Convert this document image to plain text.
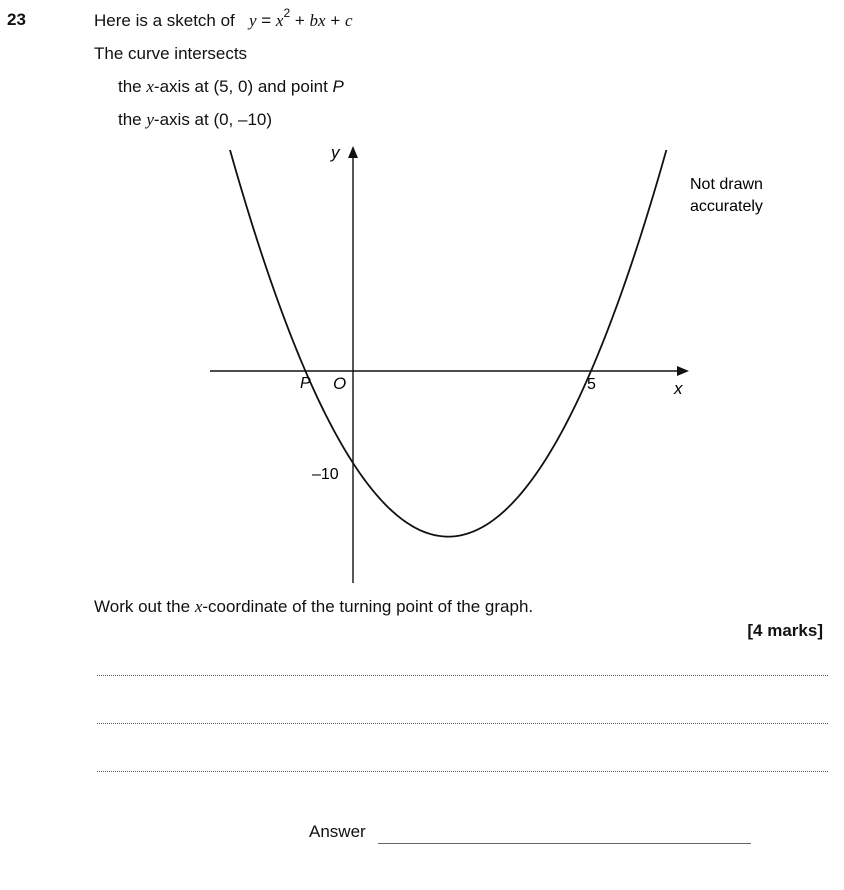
23	Here is a sketch of $y = x^2$ + bx + c
The curve intersects
the x-axis at (5, 0) and point P
the y-axis at (0, –10)
y
x
O
P	5
–10
Not drawn
accurately
Work out the x-coordinate of the turning point of the graph.
[4 marks]
Answer
